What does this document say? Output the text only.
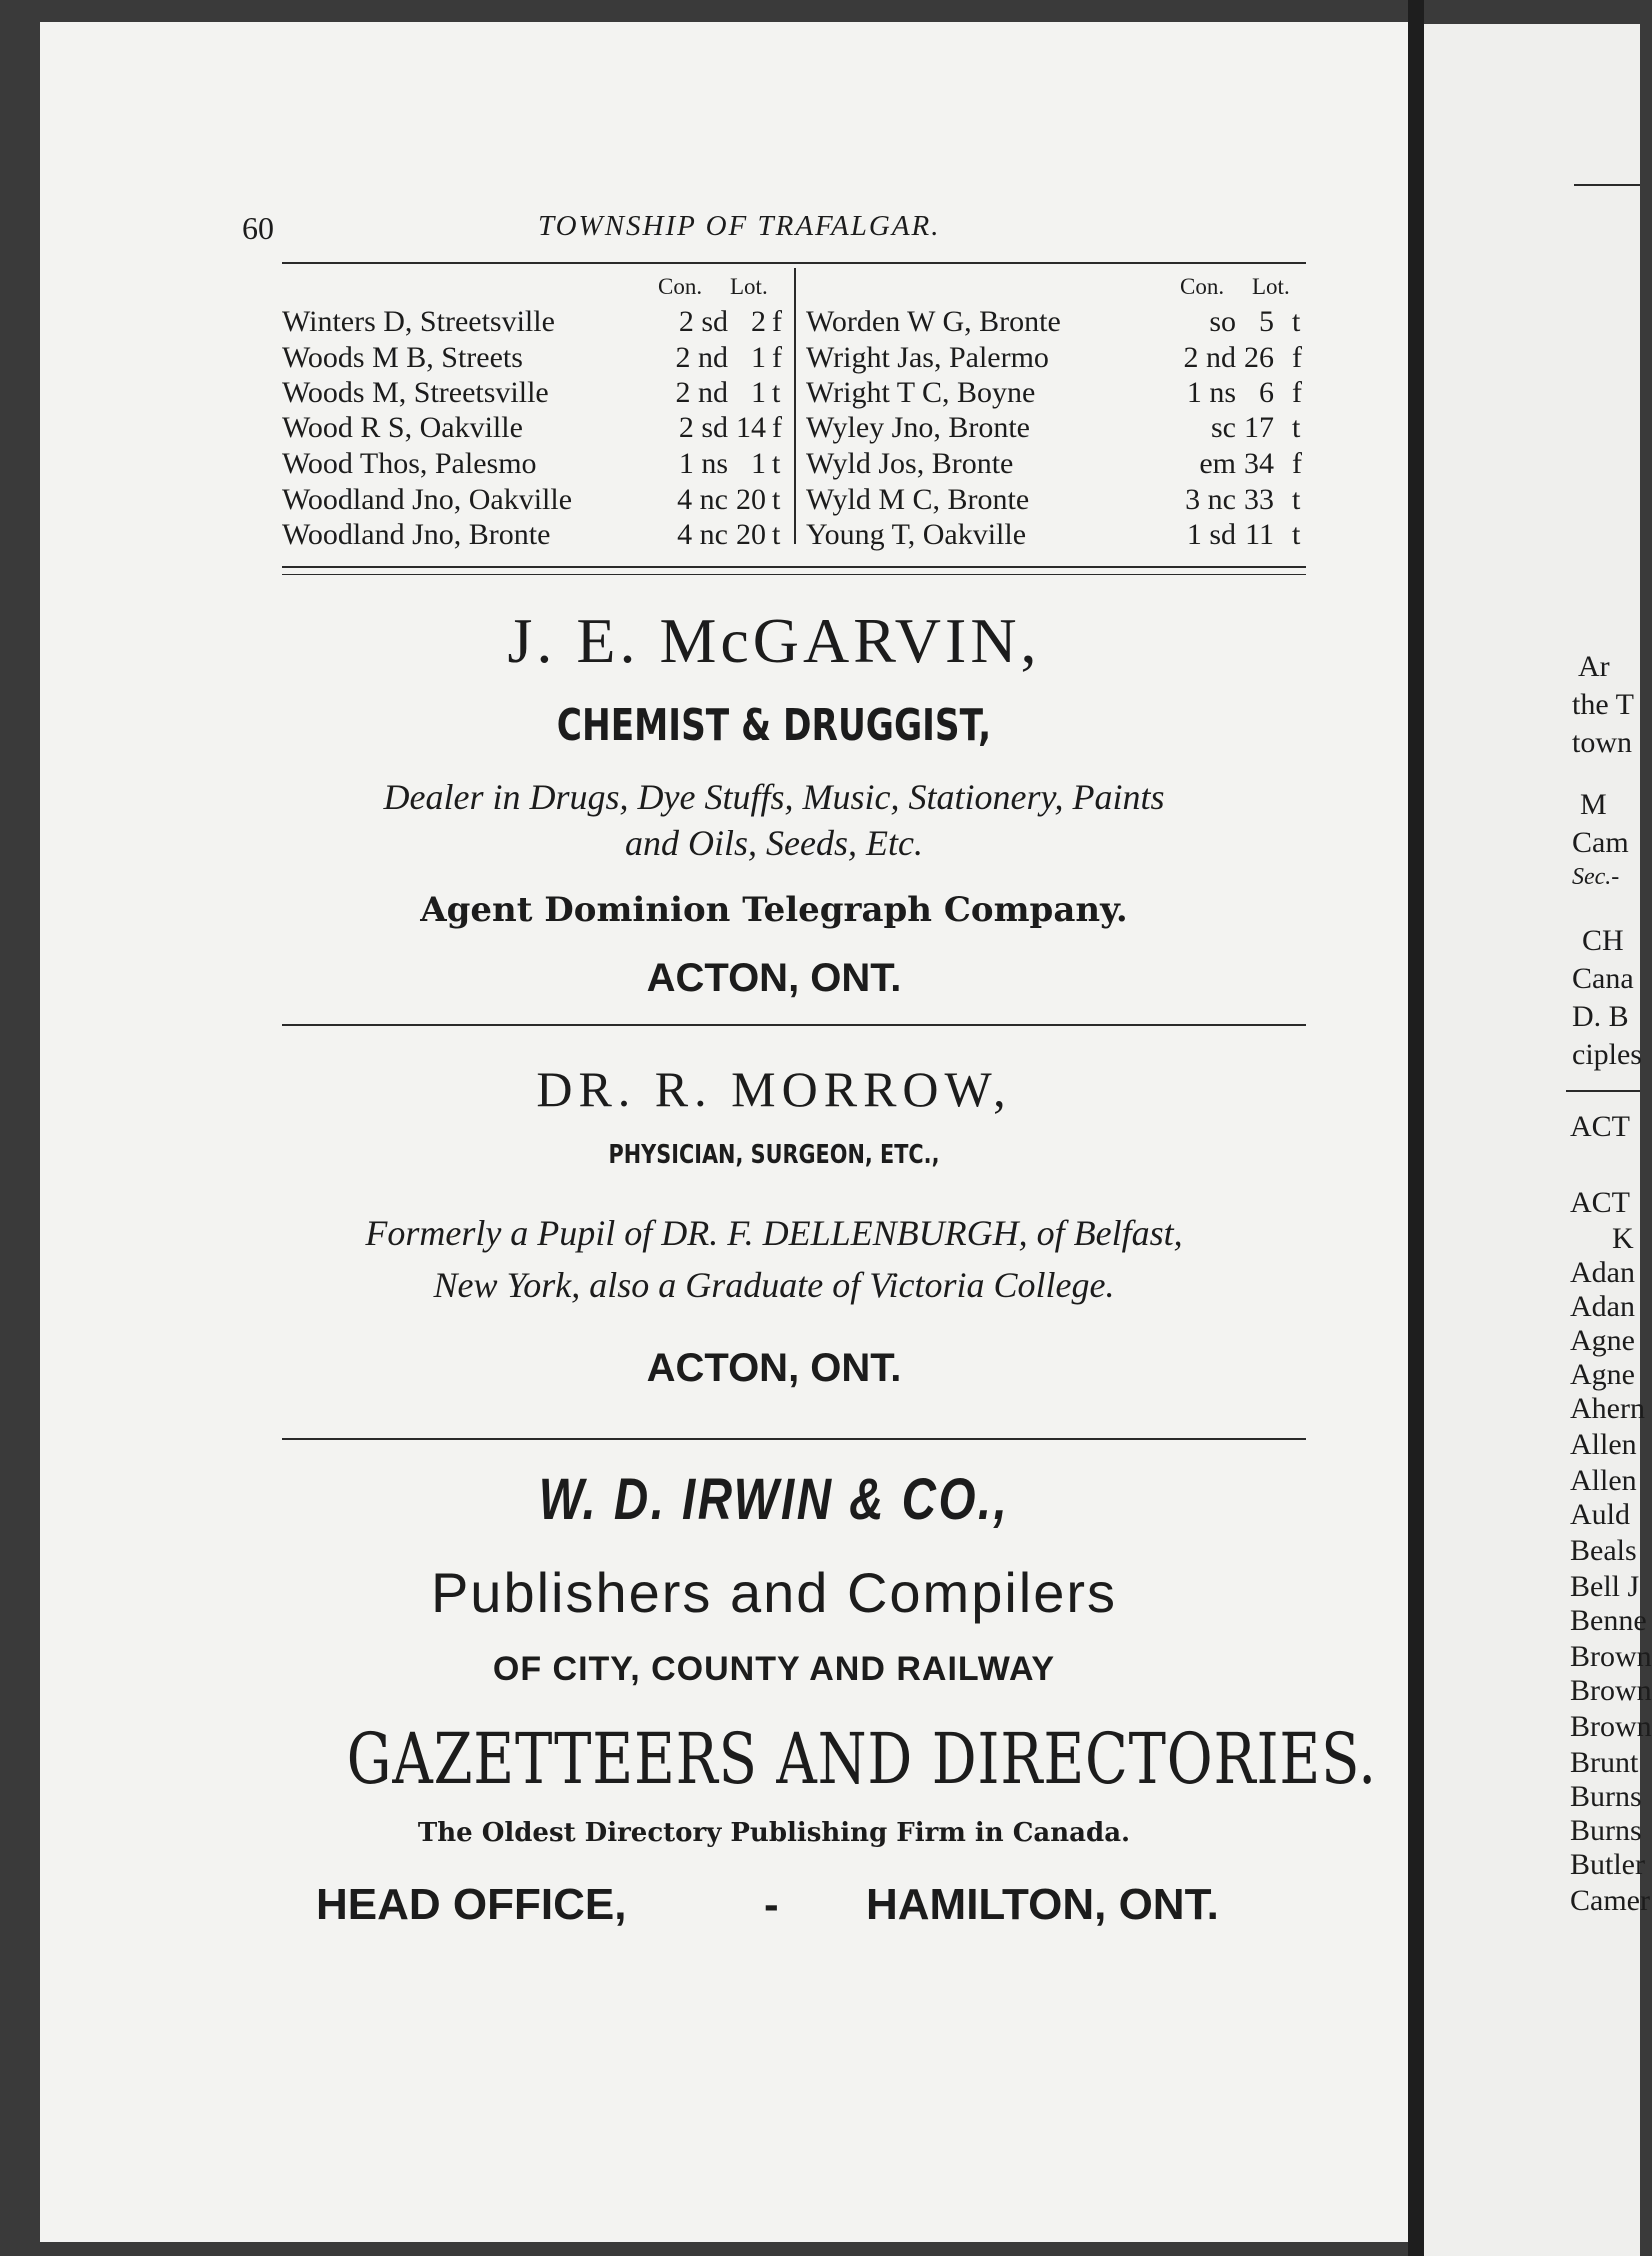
Ar
the T
town
M
Cam
Sec.-
CH
Cana
D. B
ciples
ACT
ACT
K
Adan
Adan
Agne
Agne
Ahern
Allen
Allen
Auld
Beals
Bell J
Benne
Brown
Brown
Brown
Brunt
Burns
Burns
Butler
Camer
60	TOWNSHIP OF TRAFALGAR.
Con. Lot.	Con. Lot.
Winters D, Streetsville	2 sd 2 f
Woods M B, Streets	2 nd 1 f
Woods M, Streetsville	2 nd 1 t
Wood R S, Oakville	2 sd 14 f
Wood Thos, Palesmo	1 ns 1 t
Woodland Jno, Oakville	4 nc 20 t
Woodland Jno, Bronte	4 nc 20 t
Worden W G, Bronte	so 5 t
Wright Jas, Palermo	2 nd 26 f
Wright T C, Boyne	1 ns 6 f
Wyley Jno, Bronte	sc 17 t
Wyld Jos, Bronte	em 34 f
Wyld M C, Bronte	3 nc 33 t
Young T, Oakville	1 sd 11 t
J. E. McGARVIN,
CHEMIST & DRUGGIST,
Dealer in Drugs, Dye Stuffs, Music, Stationery, Paints
and Oils, Seeds, Etc.
Agent Dominion Telegraph Company.
ACTON, ONT.
DR. R. MORROW,
PHYSICIAN, SURGEON, ETC.,
Formerly a Pupil of DR. F. DELLENBURGH, of Belfast,
New York, also a Graduate of Victoria College.
ACTON, ONT.
W. D. IRWIN & CO.,
Publishers and Compilers
OF CITY, COUNTY AND RAILWAY
GAZETTEERS AND DIRECTORIES.
The Oldest Directory Publishing Firm in Canada.
HEAD OFFICE,	- HAMILTON, ONT.
